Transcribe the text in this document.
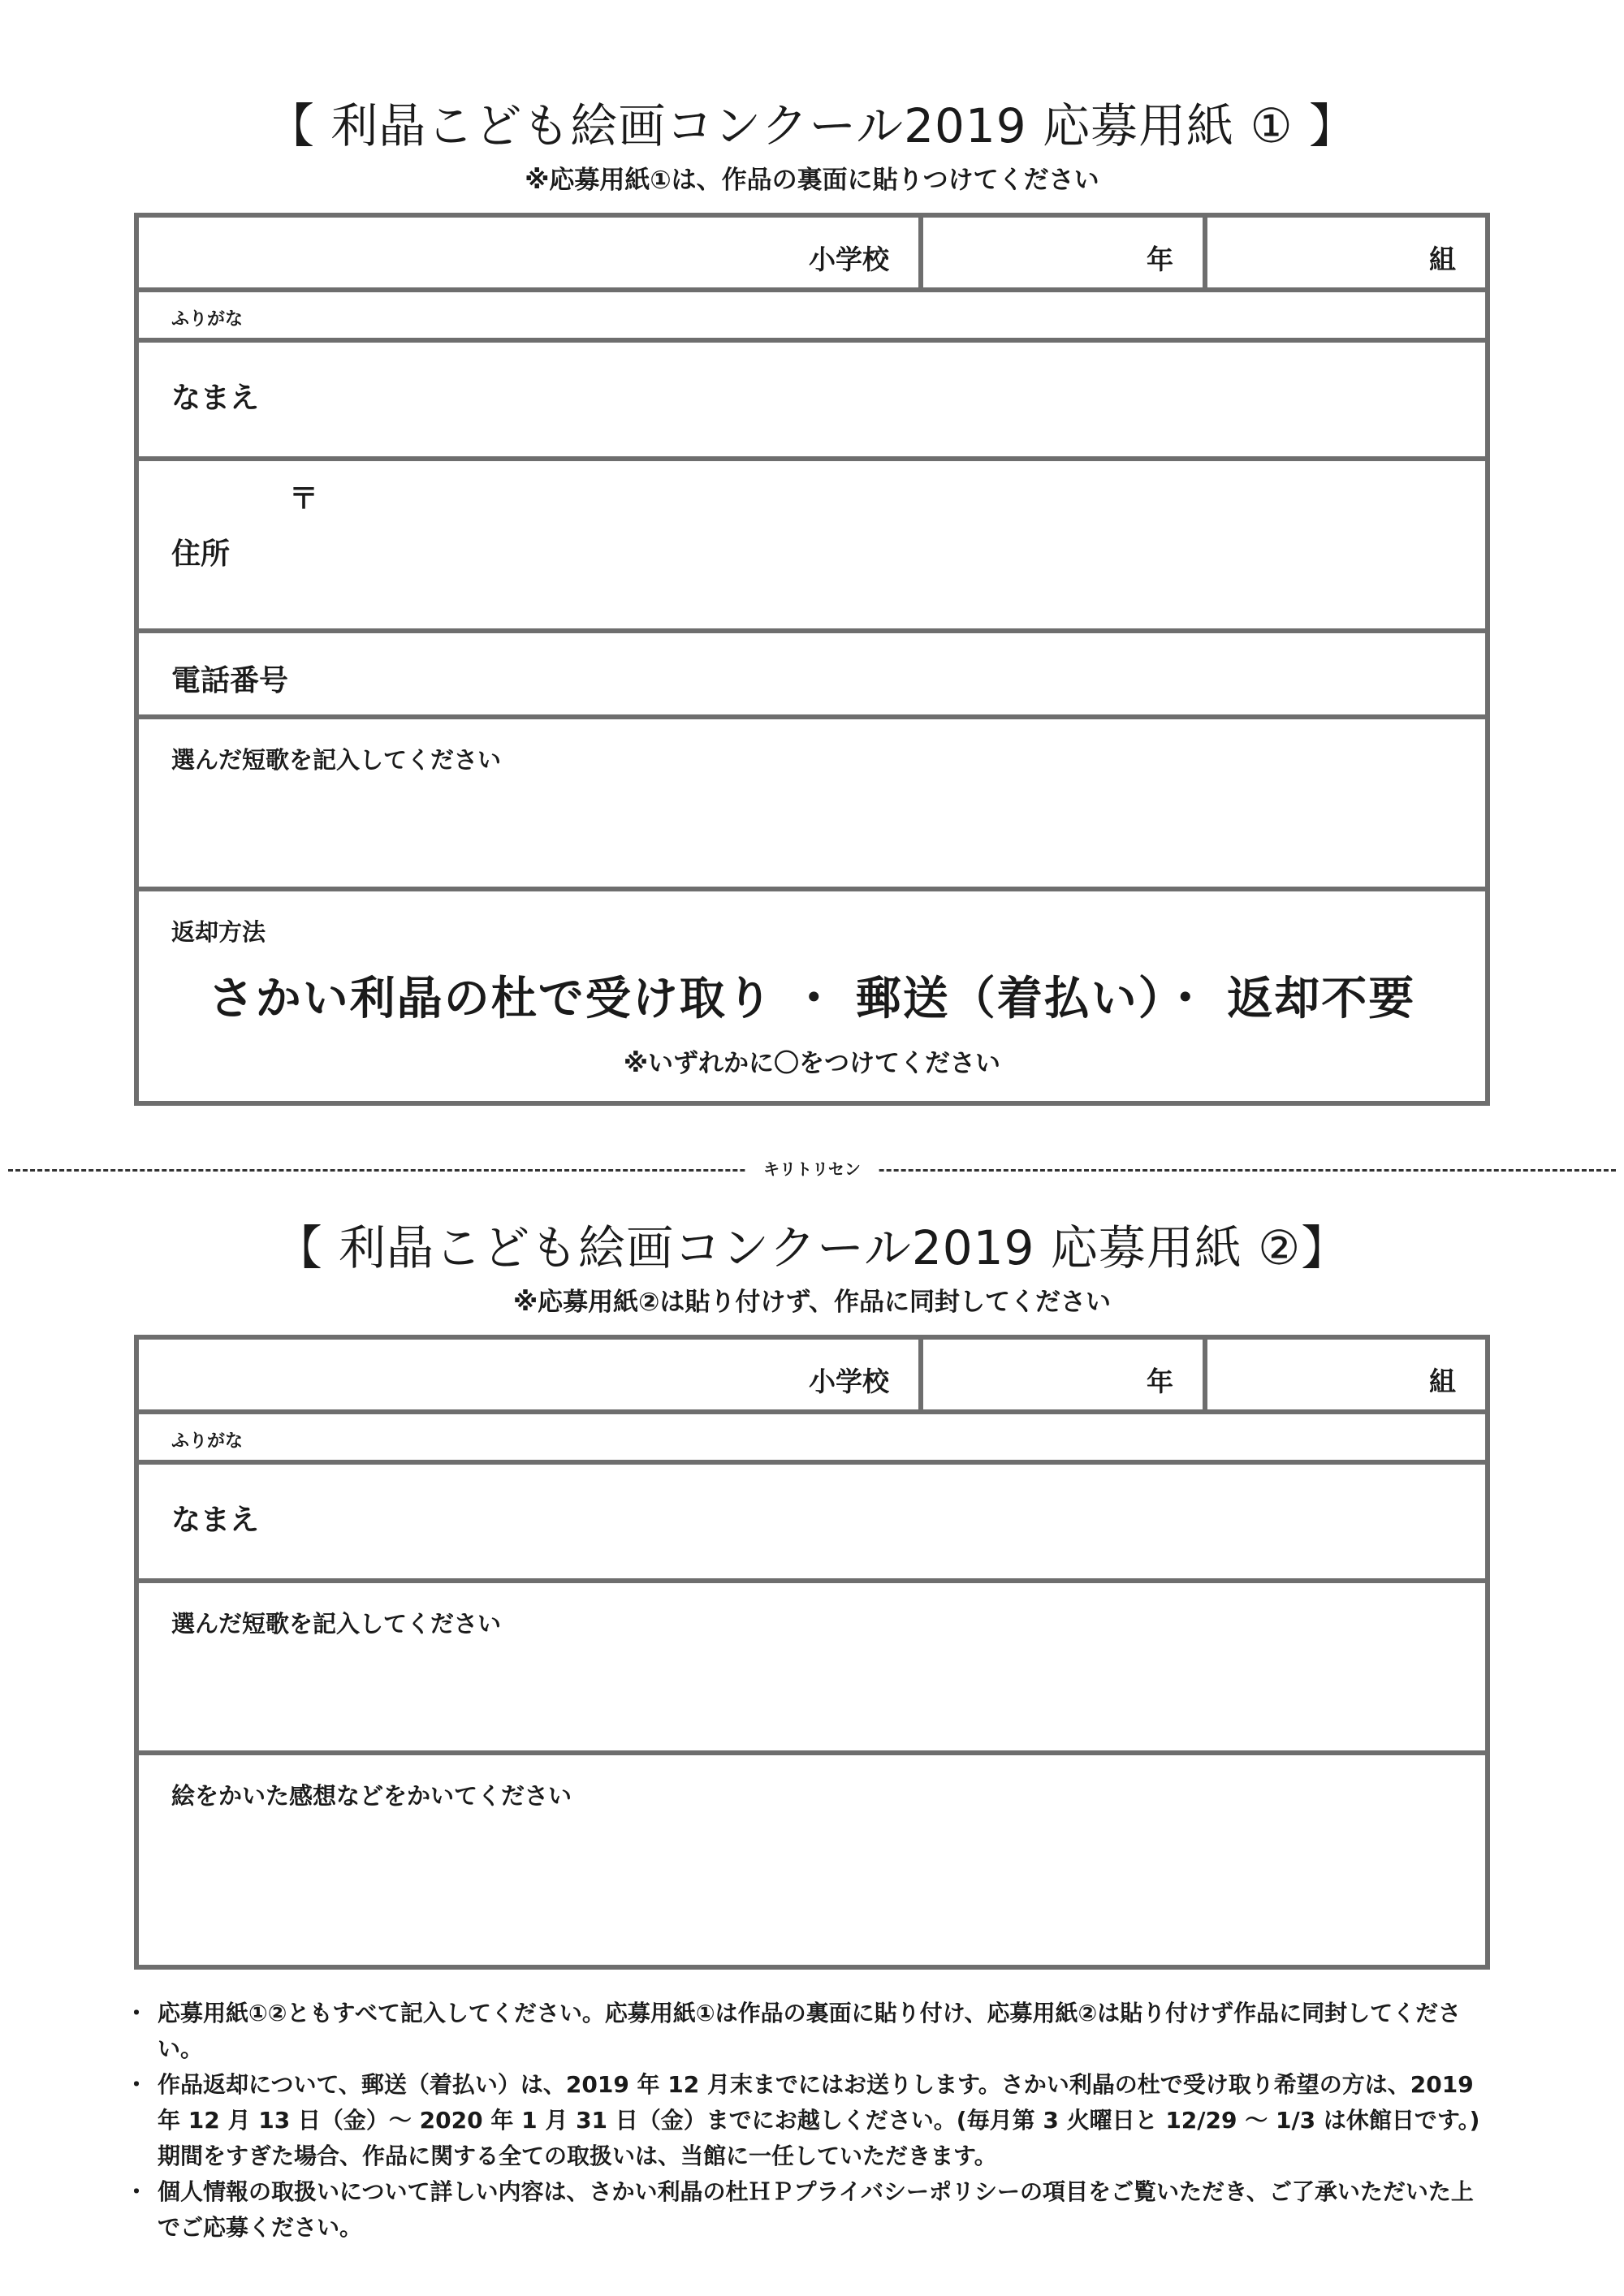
【 利晶こども絵画コンクール2019 応募用紙 ① 】
※応募用紙①は、作品の裏面に貼りつけてください
小学校	年	組
ふりがな
なまえ
〒
住所
電話番号
選んだ短歌を記入してください
返却方法
さかい利晶の杜で受け取り ・ 郵送（着払い）・ 返却不要
※いずれかに〇をつけてください
キリトリセン
【 利晶こども絵画コンクール2019 応募用紙 ②】
※応募用紙②は貼り付けず、作品に同封してください
小学校	年	組
ふりがな
なまえ
選んだ短歌を記入してください
絵をかいた感想などをかいてください
・ 応募用紙①②ともすべて記入してください。応募用紙①は作品の裏面に貼り付け、応募用紙②は貼り付けず作品に同封してください。
・ 作品返却について、郵送（着払い）は、2019 年 12 月末までにはお送りします。さかい利晶の杜で受け取り希望の方は、2019 年 12 月 13 日（金）～ 2020 年 1 月 31 日（金）までにお越しください。(毎月第 3 火曜日と 12/29 ～ 1/3 は休館日です。)期間をすぎた場合、作品に関する全ての取扱いは、当館に一任していただきます。
・ 個人情報の取扱いについて詳しい内容は、さかい利晶の杜ＨＰプライバシーポリシーの項目をご覧いただき、ご了承いただいた上でご応募ください。
